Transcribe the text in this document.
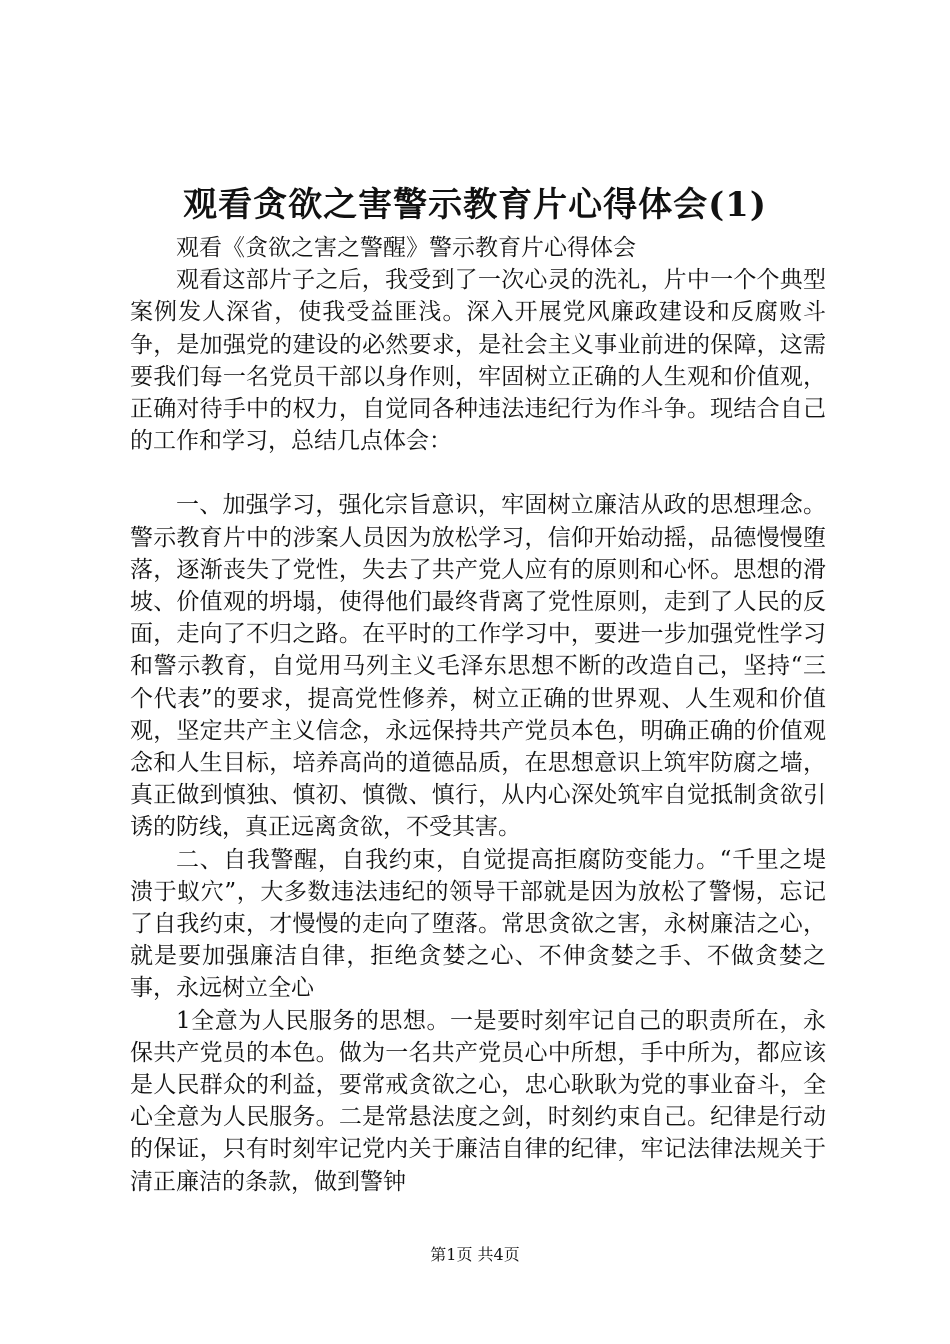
观看贪欲之害警示教育片心得体会(1)

观看《贪欲之害之警醒》警示教育片心得体会

观看这部片子之后，我受到了一次心灵的洗礼，片中一个个典型案例发人深省，使我受益匪浅。深入开展党风廉政建设和反腐败斗争，是加强党的建设的必然要求，是社会主义事业前进的保障，这需要我们每一名党员干部以身作则，牢固树立正确的人生观和价值观，正确对待手中的权力，自觉同各种违法违纪行为作斗争。现结合自己的工作和学习，总结几点体会：

一、加强学习，强化宗旨意识，牢固树立廉洁从政的思想理念。警示教育片中的涉案人员因为放松学习，信仰开始动摇，品德慢慢堕落，逐渐丧失了党性，失去了共产党人应有的原则和心怀。思想的滑坡、价值观的坍塌，使得他们最终背离了党性原则，走到了人民的反面，走向了不归之路。在平时的工作学习中，要进一步加强党性学习和警示教育，自觉用马列主义毛泽东思想不断的改造自己，坚持“三个代表”的要求，提高党性修养，树立正确的世界观、人生观和价值观，坚定共产主义信念，永远保持共产党员本色，明确正确的价值观念和人生目标，培养高尚的道德品质，在思想意识上筑牢防腐之墙，真正做到慎独、慎初、慎微、慎行，从内心深处筑牢自觉抵制贪欲引诱的防线，真正远离贪欲，不受其害。

二、自我警醒，自我约束，自觉提高拒腐防变能力。“千里之堤溃于蚁穴”，大多数违法违纪的领导干部就是因为放松了警惕，忘记了自我约束，才慢慢的走向了堕落。常思贪欲之害，永树廉洁之心，就是要加强廉洁自律，拒绝贪婪之心、不伸贪婪之手、不做贪婪之事，永远树立全心

1全意为人民服务的思想。一是要时刻牢记自己的职责所在，永保共产党员的本色。做为一名共产党员心中所想，手中所为，都应该是人民群众的利益，要常戒贪欲之心，忠心耿耿为党的事业奋斗，全心全意为人民服务。二是常悬法度之剑，时刻约束自己。纪律是行动的保证，只有时刻牢记党内关于廉洁自律的纪律，牢记法律法规关于清正廉洁的条款，做到警钟

第1页 共4页
